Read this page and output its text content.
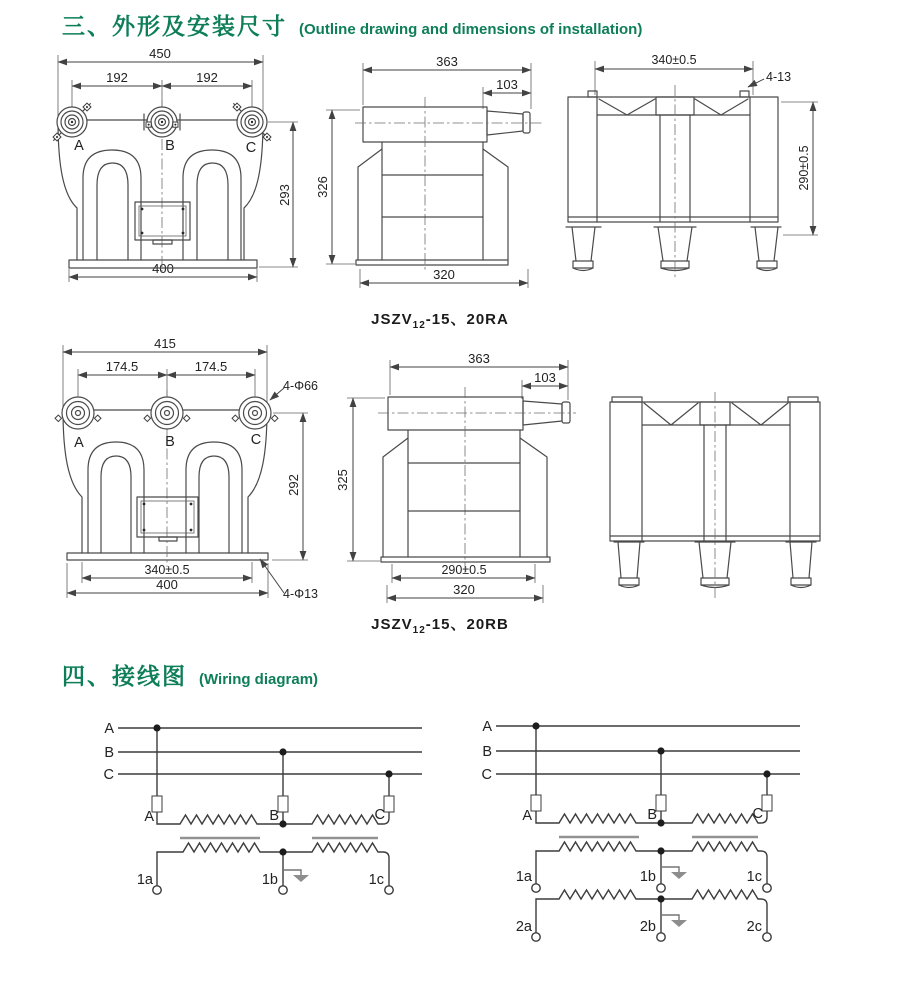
三、外形及安装尺寸 (Outline drawing and dimensions of installation)
450
192	192
293
400
A	B	C
363
103
326
320
340±0.5
4-13
290±0.5
$JSZV_{12}-15$、20RA
415
174.5	174.5
4-Φ66
292
340±0.5
400
4-Φ13
A	B	C
363
103
325
290±0.5
320
$JSZV_{12}-15$、20RB
四、接线图 (Wiring diagram)
A
B
C
A	B	C
1a	1b	1c
A
B
C
A	B	C
1a	1b	1c
2a	2b	2c
